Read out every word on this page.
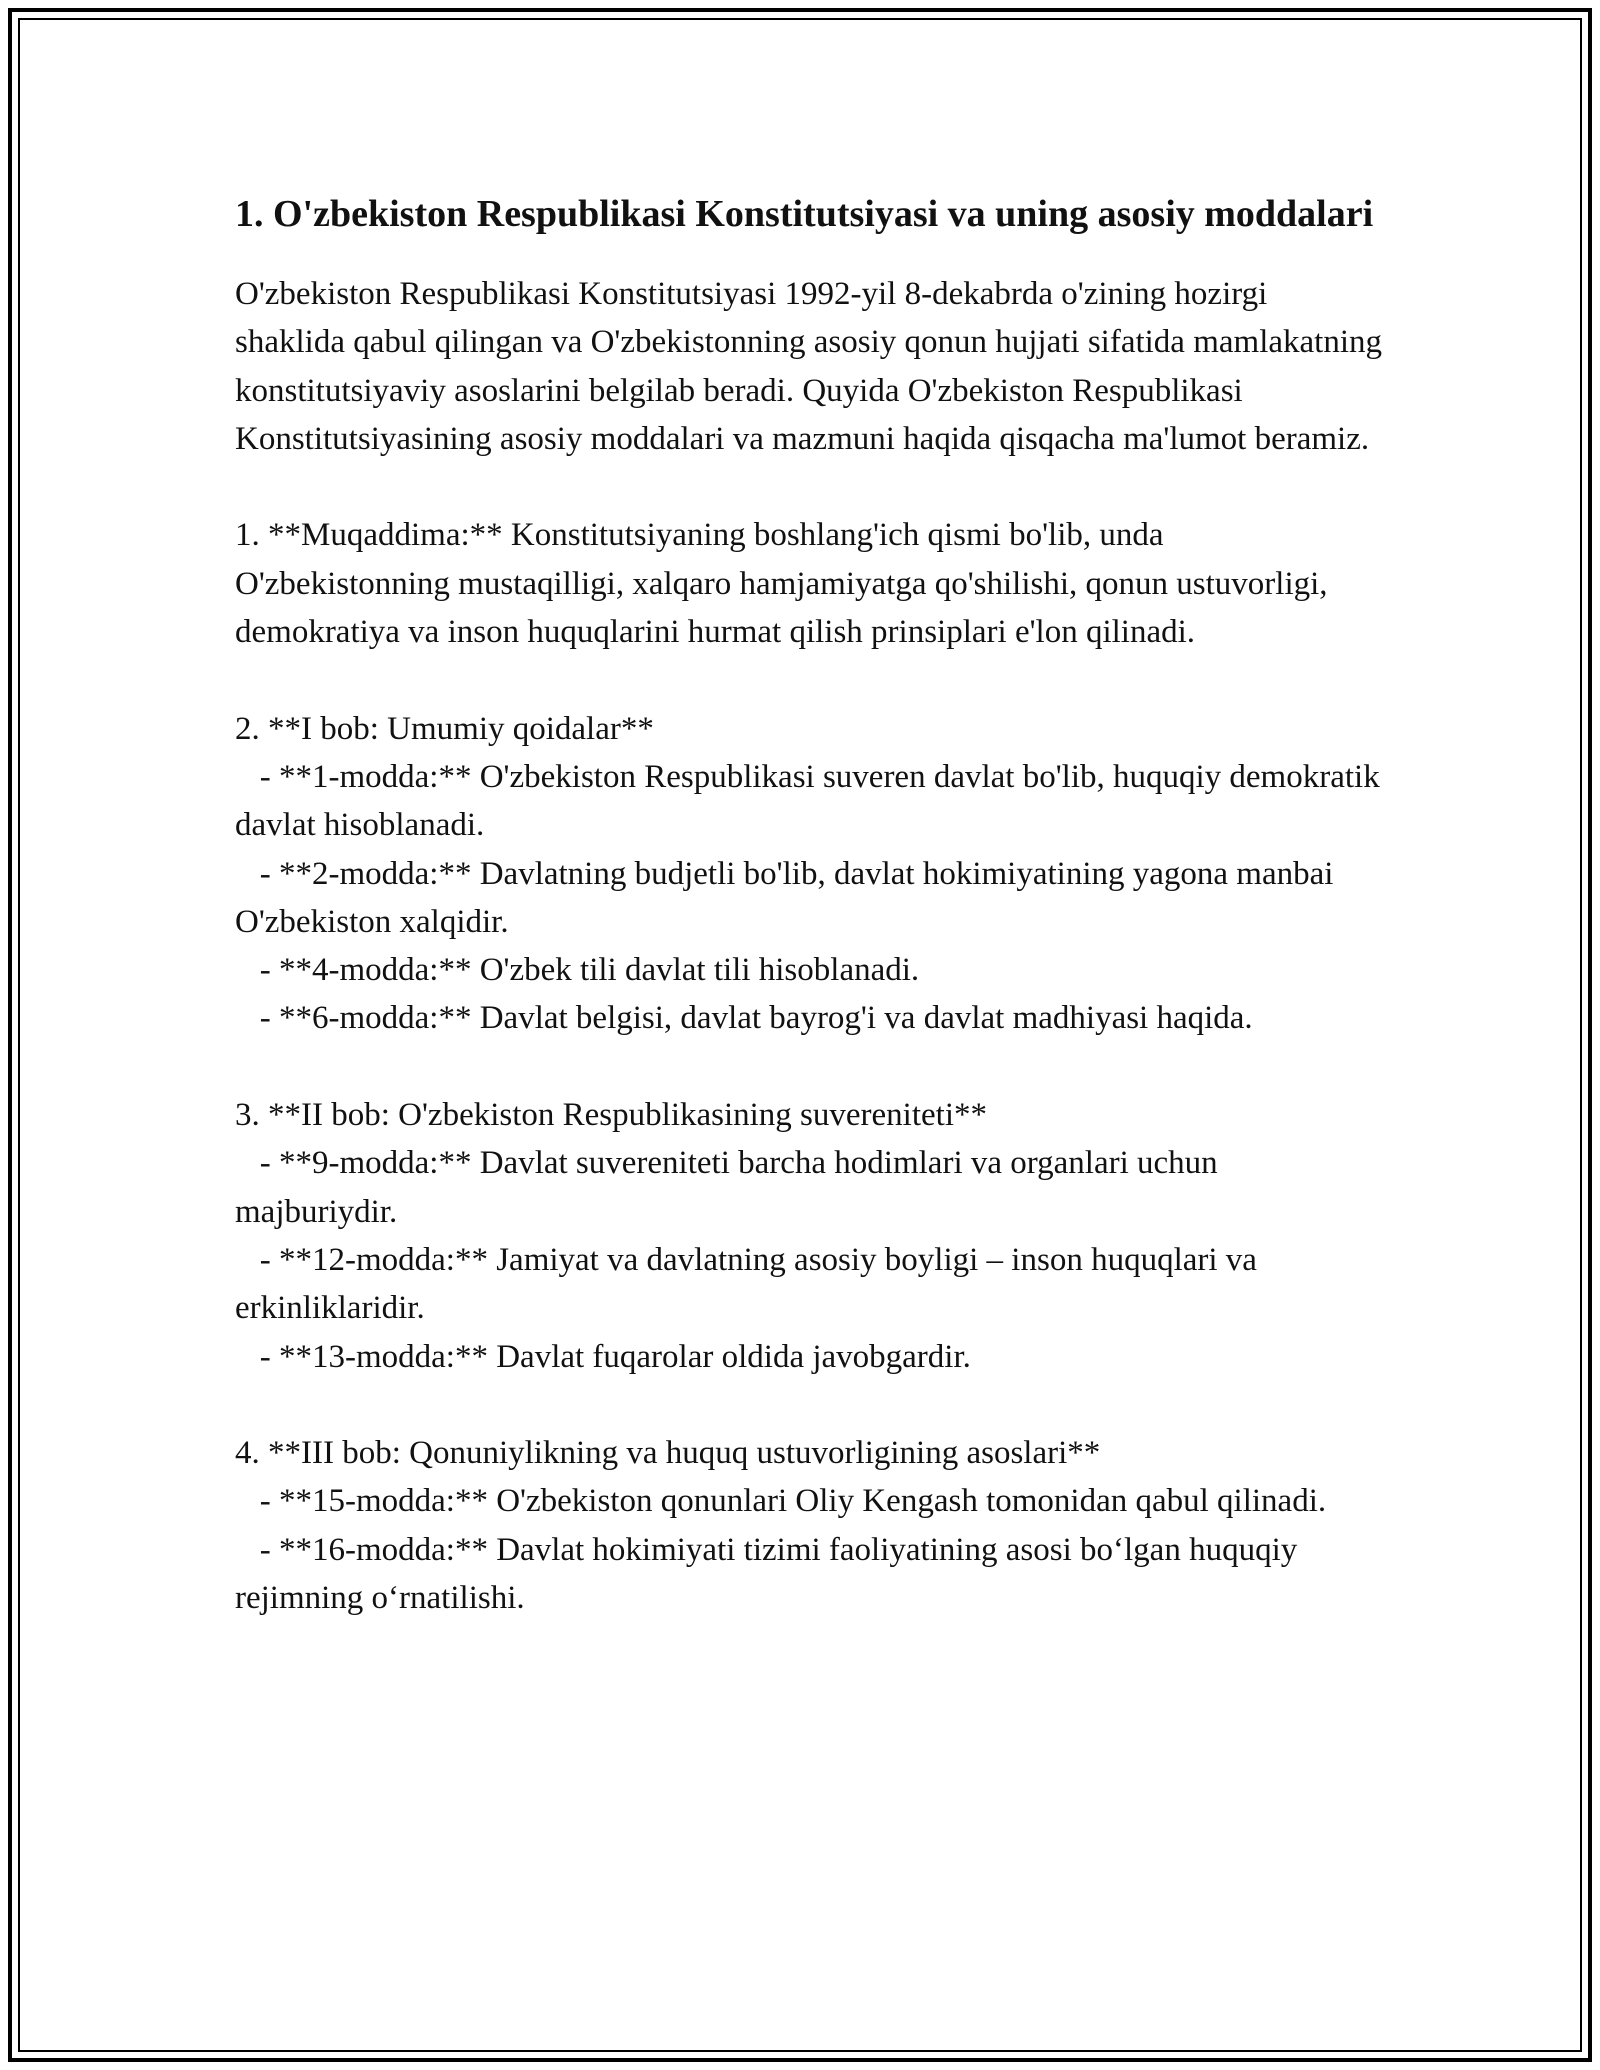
1. O'zbekiston Respublikasi Konstitutsiyasi va uning asosiy moddalari

O'zbekiston Respublikasi Konstitutsiyasi 1992-yil 8-dekabrda o'zining hozirgi shaklida qabul qilingan va O'zbekistonning asosiy qonun hujjati sifatida mamlakatning konstitutsiyaviy asoslarini belgilab beradi. Quyida O'zbekiston Respublikasi Konstitutsiyasining asosiy moddalari va mazmuni haqida qisqacha ma'lumot beramiz.

1. **Muqaddima:** Konstitutsiyaning boshlang'ich qismi bo'lib, unda O'zbekistonning mustaqilligi, xalqaro hamjamiyatga qo'shilishi, qonun ustuvorligi, demokratiya va inson huquqlarini hurmat qilish prinsiplari e'lon qilinadi.

2. **I bob: Umumiy qoidalar**

- **1-modda:** O'zbekiston Respublikasi suveren davlat bo'lib, huquqiy demokratik davlat hisoblanadi.

- **2-modda:** Davlatning budjetli bo'lib, davlat hokimiyatining yagona manbai O'zbekiston xalqidir.

- **4-modda:** O'zbek tili davlat tili hisoblanadi.

- **6-modda:** Davlat belgisi, davlat bayrog'i va davlat madhiyasi haqida.

3. **II bob: O'zbekiston Respublikasining suvereniteti**

- **9-modda:** Davlat suvereniteti barcha hodimlari va organlari uchun majburiydir.

- **12-modda:** Jamiyat va davlatning asosiy boyligi – inson huquqlari va erkinliklaridir.

- **13-modda:** Davlat fuqarolar oldida javobgardir.

4. **III bob: Qonuniylikning va huquq ustuvorligining asoslari**

- **15-modda:** O'zbekiston qonunlari Oliy Kengash tomonidan qabul qilinadi.

- **16-modda:** Davlat hokimiyati tizimi faoliyatining asosi bo‘lgan huquqiy rejimning o‘rnatilishi.
